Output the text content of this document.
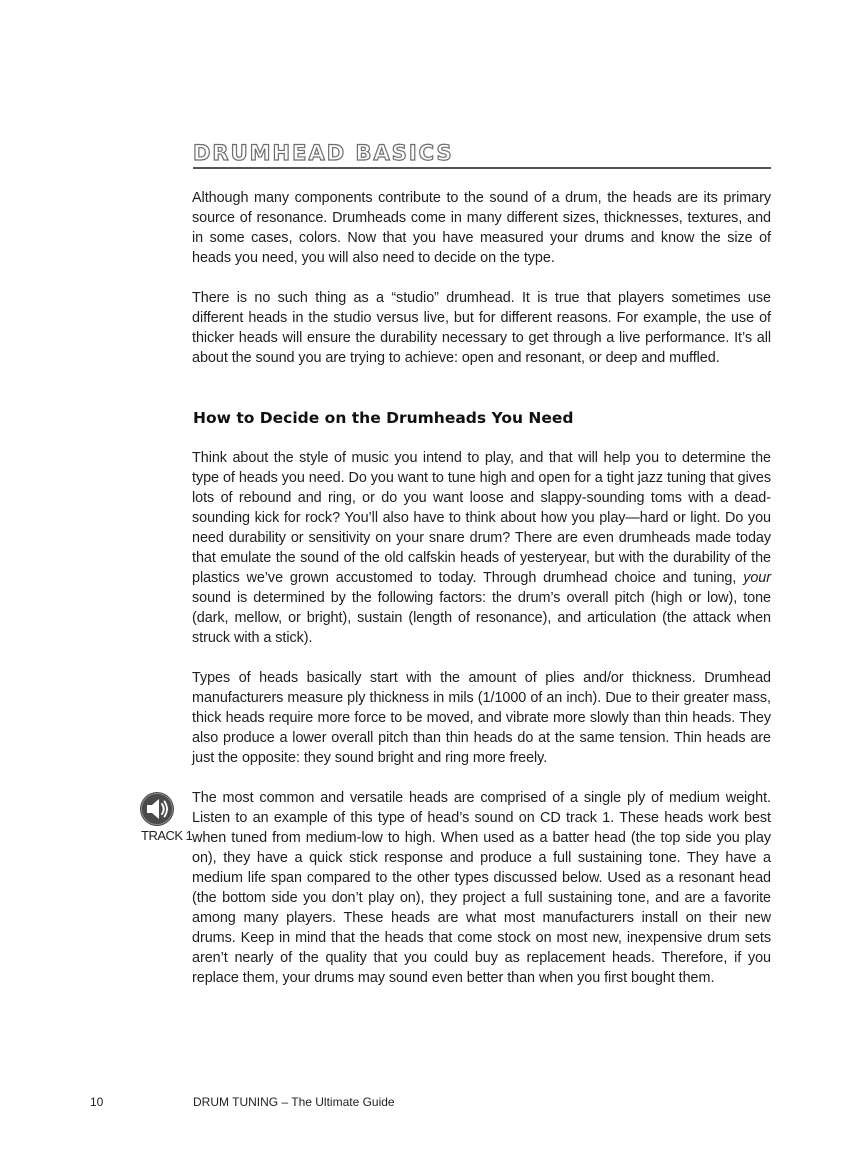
DRUMHEAD BASICS

Although many components contribute to the sound of a drum, the heads are its primary source of resonance. Drumheads come in many different sizes, thicknesses, textures, and in some cases, colors. Now that you have measured your drums and know the size of heads you need, you will also need to decide on the type.

There is no such thing as a “studio” drumhead. It is true that players sometimes use different heads in the studio versus live, but for different reasons. For example, the use of thicker heads will ensure the durability necessary to get through a live performance. It’s all about the sound you are trying to achieve: open and resonant, or deep and muffled.

How to Decide on the Drumheads You Need

Think about the style of music you intend to play, and that will help you to determine the type of heads you need. Do you want to tune high and open for a tight jazz tuning that gives lots of rebound and ring, or do you want loose and slappy-sounding toms with a dead-sounding kick for rock? You’ll also have to think about how you play—hard or light. Do you need durability or sensitivity on your snare drum? There are even drumheads made today that emulate the sound of the old calfskin heads of yesteryear, but with the durability of the plastics we’ve grown accustomed to today. Through drumhead choice and tuning, your sound is determined by the following factors: the drum’s overall pitch (high or low), tone (dark, mellow, or bright), sustain (length of resonance), and articulation (the attack when struck with a stick).

Types of heads basically start with the amount of plies and/or thickness. Drumhead manufacturers measure ply thickness in mils (1/1000 of an inch). Due to their greater mass, thick heads require more force to be moved, and vibrate more slowly than thin heads. They also produce a lower overall pitch than thin heads do at the same tension. Thin heads are just the opposite: they sound bright and ring more freely.

TRACK 1

The most common and versatile heads are comprised of a single ply of medium weight. Listen to an example of this type of head’s sound on CD track 1. These heads work best when tuned from medium-low to high. When used as a batter head (the top side you play on), they have a quick stick response and produce a full sustaining tone. They have a medium life span compared to the other types discussed below. Used as a resonant head (the bottom side you don’t play on), they project a full sustaining tone, and are a favorite among many players. These heads are what most manufacturers install on their new drums. Keep in mind that the heads that come stock on most new, inexpensive drum sets aren’t nearly of the quality that you could buy as replacement heads. Therefore, if you replace them, your drums may sound even better than when you first bought them.

10	DRUM TUNING – The Ultimate Guide
